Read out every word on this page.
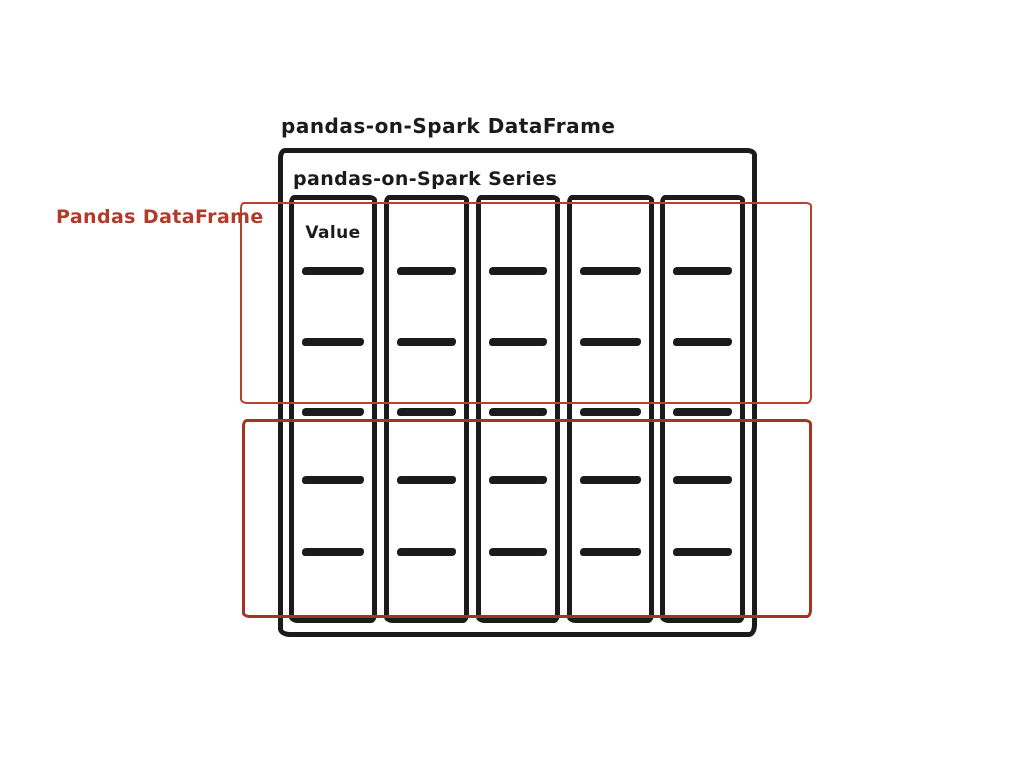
pandas-on-Spark DataFrame
pandas-on-Spark Series
Value
Pandas DataFrame
